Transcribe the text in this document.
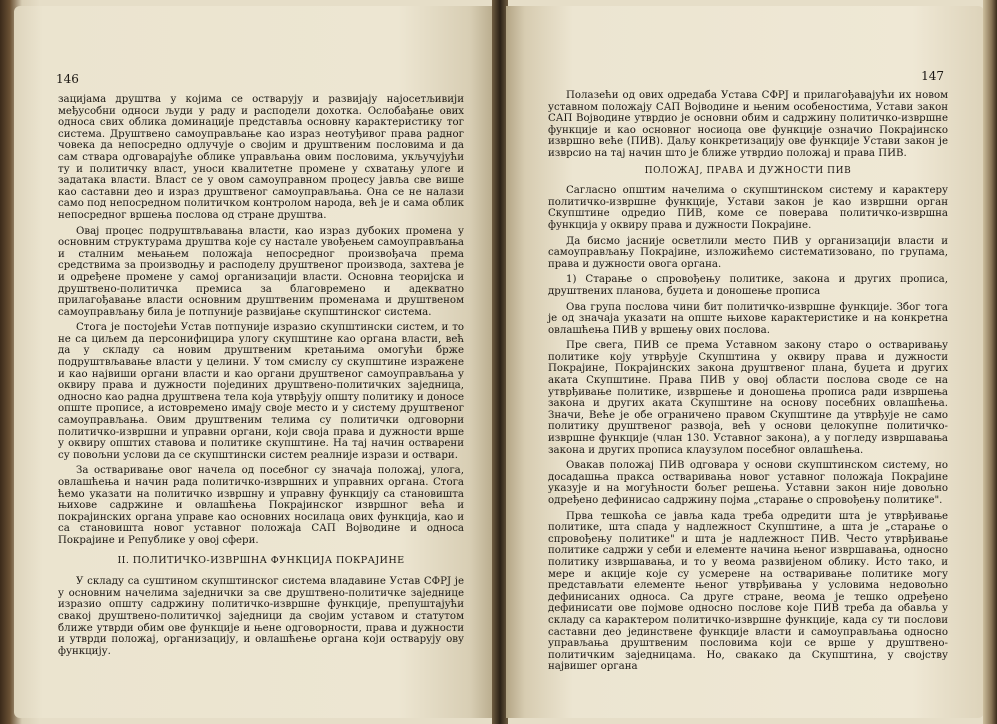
146

зацијама друштва у којима се остварују и развијају најосетљивији међусобни односи људи у раду и расподели дохотка. Ослобађање ових односа свих облика доминације представља основну карактеристику тог система. Друштвено самоуправљање као израз неотуђивог права радног човека да непосредно одлучује о својим и друштвеним пословима и да сам ствара одговарајуће облике управљања овим пословима, укључујући ту и политичку власт, уноси квалитетне промене у схватању улоге и задатака власти. Власт се у овом самоуправном процесу јавља све више као саставни део и израз друштвеног самоуправљања. Она се не налази само под непосредном политичком контролом народа, већ је и сама облик непосредног вршења послова од стране друштва.

Овај процес подруштвљавања власти, као израз дубоких промена у основним структурама друштва које су настале увођењем самоуправљања и сталним мењањем положаја непосредног произвођача према средствима за производњу и расподелу друштвеног производа, захтева је и одређене промене у самој организацији власти. Основна теоријска и друштвено-политичка премиса за благовремено и адекватно прилагођавање власти основним друштвеним променама и друштвеном самоуправљању била је потпуније развијање скупштинског система.

Стога је постојећи Устав потпуније изразио скупштински систем, и то не са циљем да персонифицира улогу скупштине као органа власти, већ да у складу са новим друштвеним кретањима омогући брже подруштвљавање власти у целини. У том смислу су скупштине изражене и као највиши органи власти и као органи друштвеног самоуправљања у оквиру права и дужности појединих друштвено-политичких заједница, односно као радна друштвена тела која утврђују општу политику и доносе опште прописе, а истовремено имају своје место и у систему друштвеног самоуправљања. Овим друштвеним телима су политички одговорни политичко-извршни и управни органи, који своја права и дужности врше у оквиру општих ставова и политике скупштине. На тај начин остварени су повољни услови да се скупштински систем реалније изрази и оствари.

За остваривање овог начела од посебног су значаја положај, улога, овлашћења и начин рада политичко-извршних и управних органа. Стога ћемо указати на политичко извршну и управну функцију са становишта њихове садржине и овлашћења Покрајинског извршног већа и покрајинских органа управе као основних носилаца ових функција, као и са становишта новог уставног положаја САП Војводине и односа Покрајине и Републике у овој сфери.

II. ПОЛИТИЧКО-ИЗВРШНА ФУНКЦИЈА ПОКРАЈИНЕ

У складу са суштином скупштинског система владавине Устав СФРЈ је у основним начелима заједнички за све друштвено-политичке заједнице изразио општу садржину политичко-извршне функције, препуштајући свакој друштвено-политичкој заједници да својим уставом и статутом ближе утврди обим ове функције и њене одговорности, права и дужности и утврди положај, организацију, и овлашћење органа који остварују ову функцију.

147

Полазећи од ових одредаба Устава СФРЈ и прилагођавајући их новом уставном положају САП Војводине и њеним особеностима, Устави закон САП Војводине утврдио је основни обим и садржину политичко-извршне функције и као основног носиоца ове функције означио Покрајинско извршно веће (ПИВ). Даљу конкретизацију ове функције Устави закон је изврсио на тај начин што је ближе утврдио положај и права ПИВ.

ПОЛОЖАЈ, ПРАВА И ДУЖНОСТИ ПИВ

Сагласно општим начелима о скупштинском систему и карактеру политичко-извршне функције, Устави закон је као извршни орган Скупштине одредио ПИВ, коме се поверава политичко-извршна функција у оквиру права и дужности Покрајине.

Да бисмо јасније осветлили место ПИВ у организацији власти и самоуправљању Покрајине, изложићемо систематизовано, по групама, права и дужности овога органа.

1) Старање о спровођењу политике, закона и других прописа, друштвених планова, буџета и доношење прописа

Ова група послова чини бит политичко-извршне функције. Због тога је од значаја указати на опште њихове карактеристике и на конкретна овлашћења ПИВ у вршењу ових послова.

Пре свега, ПИВ се према Уставном закону старо о остваривању политике коју утврђује Скупштина у оквиру права и дужности Покрајине, Покрајинских закона друштвеног плана, буџета и других аката Скупштине. Права ПИВ у овој области послова своде се на утврђивање политике, извршење и доношења прописа ради извршења закона и других аката Скупштине на основу посебних овлашћења. Значи, Веће је обе ограничено правом Скупштине да утврђује не само политику друштвеног развоја, већ у основи целокупне политичко-извршне функције (члан 130. Уставног закона), а у погледу извршавања закона и других прописа клаузулом посебног овлашћења.

Овакав положај ПИВ одговара у основи скупштинском систему, но досадашња пракса остваривања новог уставног положаја Покрајине указује и на могућности бољег решења. Уставни закон није довољно одређено дефинисао садржину појма „старање о спровођењу политике".

Прва тешкоћа се јавља када треба одредити шта је утврђивање политике, шта спада у надлежност Скупштине, а шта је „старање о спровођењу политике" и шта је надлежност ПИВ. Често утврђивање политике садржи у себи и елементе начина њеног извршавања, односно политику извршавања, и то у веома развијеном облику. Исто тако, и мере и акције које су усмерене на остваривање политике могу представљати елементе њеног утврђивања у условима недовољно дефинисаних односа. Са друге стране, веома је тешко одређено дефинисати ове појмове односно послове које ПИВ треба да обавља у складу са карактером политичко-извршне функције, када су ти послови саставни део јединствене функције власти и самоуправљања односно управљања друштвеним пословима који се врше у друштвено-политичким заједницама. Но, свакако да Скупштина, у својству највишег органа
